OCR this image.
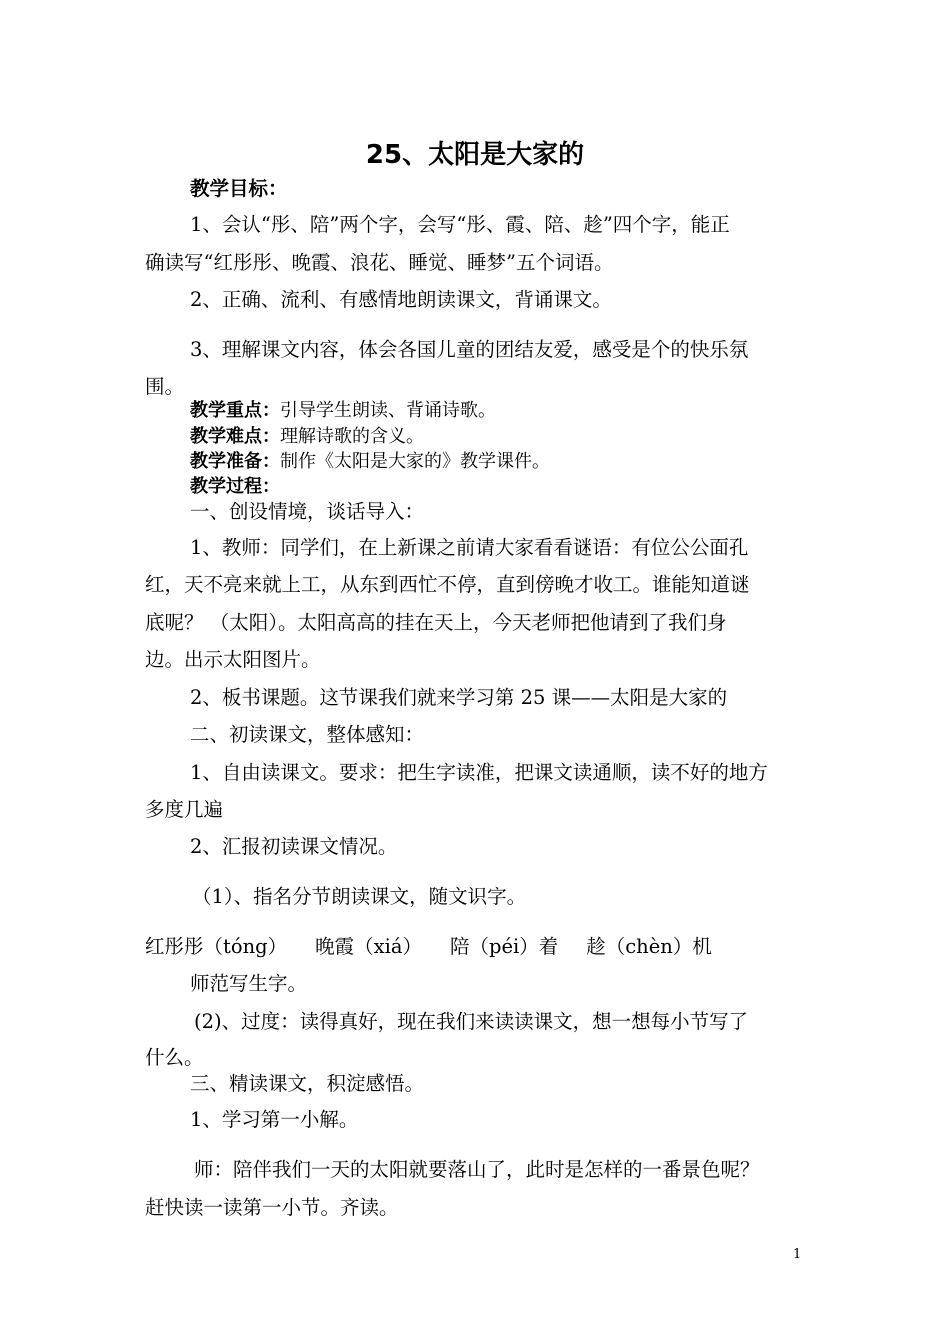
25、太阳是大家的
教学目标：
1、会认“彤、陪”两个字，会写“彤、霞、陪、趁”四个字，能正
确读写“红彤彤、晚霞、浪花、睡觉、睡梦”五个词语。
2、正确、流利、有感情地朗读课文，背诵课文。
3、理解课文内容，体会各国儿童的团结友爱，感受是个的快乐氛
围。
教学重点：引导学生朗读、背诵诗歌。
教学难点：理解诗歌的含义。
教学准备：制作《太阳是大家的》教学课件。
教学过程：
一、创设情境，谈话导入：
1、教师：同学们，在上新课之前请大家看看谜语：有位公公面孔
红，天不亮来就上工，从东到西忙不停，直到傍晚才收工。谁能知道谜
底呢？ （太阳）。太阳高高的挂在天上，今天老师把他请到了我们身
边。出示太阳图片。
2、板书课题。这节课我们就来学习第 25 课——太阳是大家的
二、初读课文，整体感知：
1、自由读课文。要求：把生字读准，把课文读通顺，读不好的地方
多度几遍
2、汇报初读课文情况。
（1）、指名分节朗读课文，随文识字。
红彤彤（tóng） 晚霞（xiá） 陪（péi）着 趁（chèn）机
师范写生字。
(2)、过度：读得真好，现在我们来读读课文，想一想每小节写了
什么。
三、精读课文，积淀感悟。
1、学习第一小解。
师：陪伴我们一天的太阳就要落山了，此时是怎样的一番景色呢？
赶快读一读第一小节。齐读。
1
